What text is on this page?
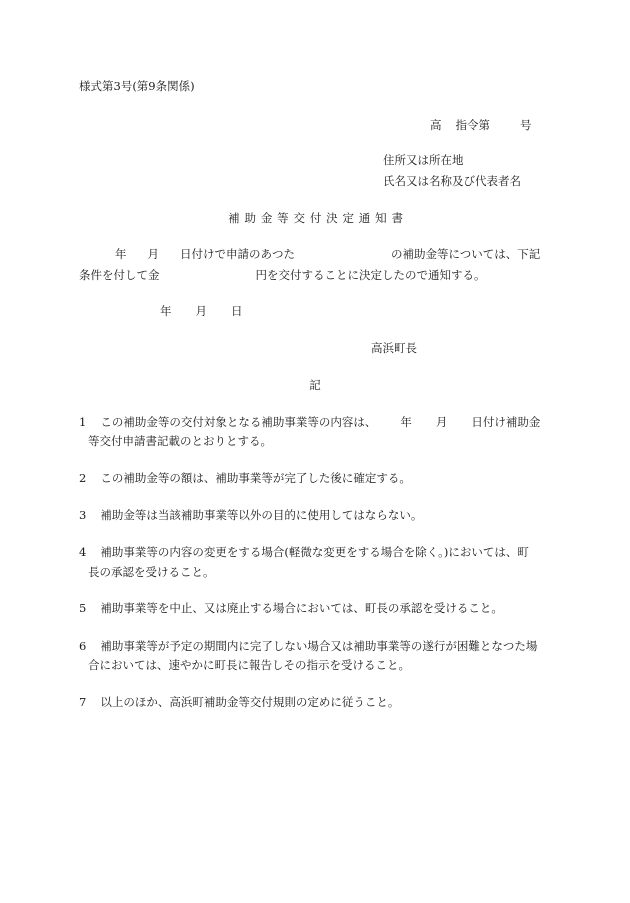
様式第3号(第9条関係)
高 指令第	号
住所又は所在地
氏名又は名称及び代表者名
補助金等交付決定通知書
年 月 日付けで申請のあつた	の補助金等については、下記
条件を付して金	円を交付することに決定したので通知する。
年 月 日
高浜町長
記
1 この補助金等の交付対象となる補助事業等の内容は、 年 月 日付け補助金
等交付申請書記載のとおりとする。
2 この補助金等の額は、補助事業等が完了した後に確定する。
3 補助金等は当該補助事業等以外の目的に使用してはならない。
4 補助事業等の内容の変更をする場合(軽微な変更をする場合を除く。)においては、町
長の承認を受けること。
5 補助事業等を中止、又は廃止する場合においては、町長の承認を受けること。
6 補助事業等が予定の期間内に完了しない場合又は補助事業等の遂行が困難となつた場
合においては、速やかに町長に報告しその指示を受けること。
7 以上のほか、高浜町補助金等交付規則の定めに従うこと。
